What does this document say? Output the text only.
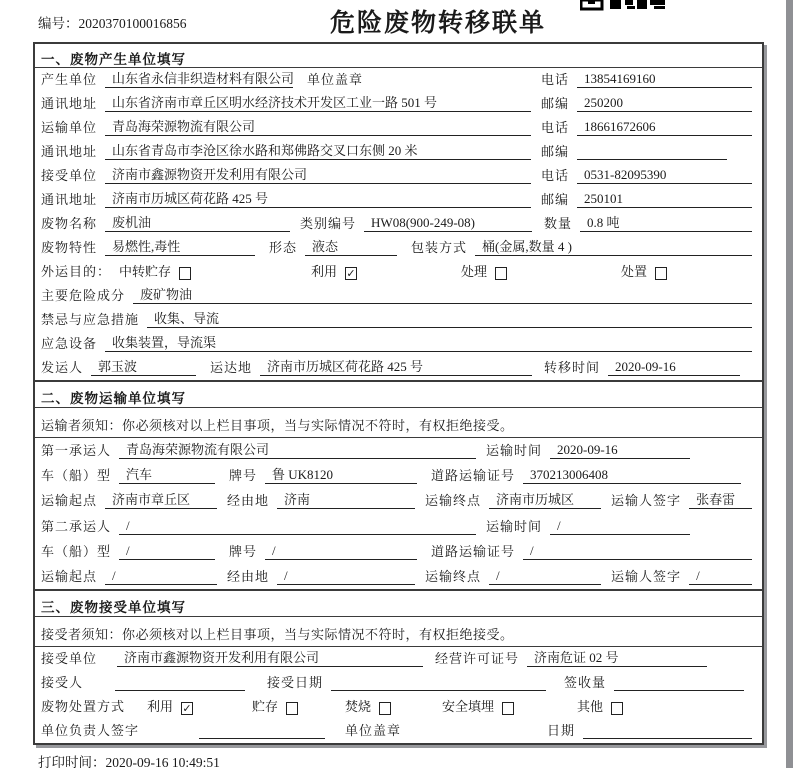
编号：2020370100016856	危险废物转移联单
一、废物产生单位填写
产生单位	山东省永信非织造材料有限公司 单位盖章	电话	13854169160
通讯地址	山东省济南市章丘区明水经济技术开发区工业一路 501 号	邮编	250200
运输单位	青岛海荣源物流有限公司	电话	18661672606
通讯地址	山东省青岛市李沧区徐水路和郑佛路交叉口东侧 20 米	邮编
接受单位	济南市鑫源物资开发利用有限公司	电话	0531-82095390
通讯地址	济南市历城区荷花路 425 号	邮编	250101
废物名称	废机油	类别编号	HW08(900-249-08)	数量	0.8 吨
废物特性	易燃性,毒性	形态	液态	包装方式	桶(金属,数量 4 )
外运目的： 中转贮存	利用 ✓	处理	处置
主要危险成分	废矿物油
禁忌与应急措施	收集、导流
应急设备	收集装置，导流渠
发运人	郭玉波	运达地	济南市历城区荷花路 425 号	转移时间	2020-09-16
二、废物运输单位填写
运输者须知：你必须核对以上栏目事项，当与实际情况不符时，有权拒绝接受。
第一承运人	青岛海荣源物流有限公司	运输时间	2020-09-16
车（船）型	汽车	牌号	鲁 UK8120	道路运输证号	370213006408
运输起点	济南市章丘区	经由地	济南	运输终点	济南市历城区	运输人签字	张春雷
第二承运人	/	运输时间	/
车（船）型	/	牌号	/	道路运输证号	/
运输起点	/	经由地	/	运输终点	/	运输人签字	/
三、废物接受单位填写
接受者须知：你必须核对以上栏目事项，当与实际情况不符时，有权拒绝接受。
接受单位	济南市鑫源物资开发利用有限公司	经营许可证号	济南危证 02 号
接受人	接受日期	签收量
废物处置方式 利用 ✓	贮存	焚烧	安全填埋	其他
单位负责人签字	单位盖章	日期
打印时间：2020-09-16 10:49:51
